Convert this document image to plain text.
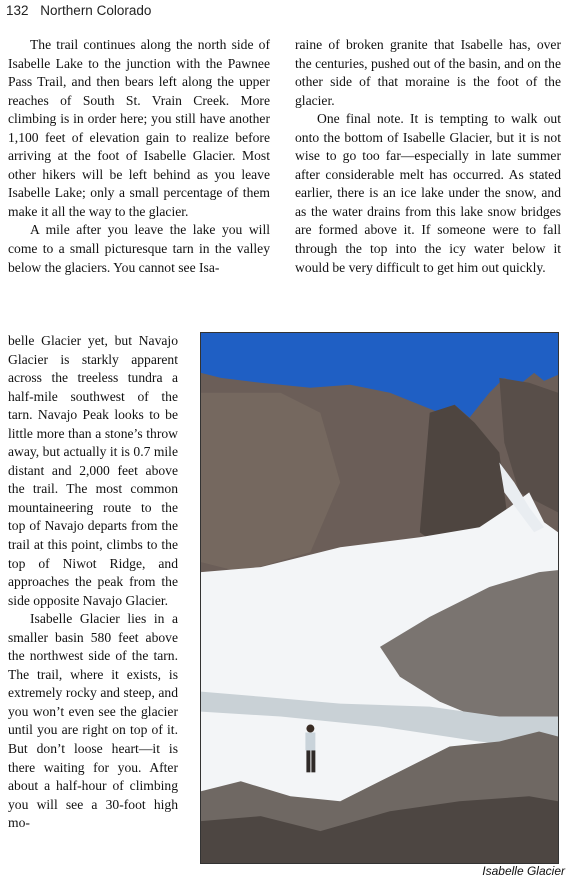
132 Northern Colorado

The trail continues along the north side of Isabelle Lake to the junction with the Pawnee Pass Trail, and then bears left along the upper reaches of South St. Vrain Creek. More climbing is in order here; you still have another 1,100 feet of elevation gain to realize before arriving at the foot of Isabelle Glacier. Most other hikers will be left behind as you leave Isabelle Lake; only a small percentage of them make it all the way to the glacier.

A mile after you leave the lake you will come to a small picturesque tarn in the valley below the glaciers. You cannot see Isa-

belle Glacier yet, but Navajo Glacier is starkly apparent across the treeless tundra a half-mile southwest of the tarn. Navajo Peak looks to be little more than a stone’s throw away, but actually it is 0.7 mile distant and 2,000 feet above the trail. The most common mountaineering route to the top of Navajo departs from the trail at this point, climbs to the top of Niwot Ridge, and approaches the peak from the side opposite Navajo Glacier.

Isabelle Glacier lies in a smaller basin 580 feet above the northwest side of the tarn. The trail, where it exists, is extremely rocky and steep, and you won’t even see the glacier until you are right on top of it. But don’t loose heart—it is there waiting for you. After about a half-hour of climbing you will see a 30-foot high mo-

raine of broken granite that Isabelle has, over the centuries, pushed out of the basin, and on the other side of that moraine is the foot of the glacier.

One final note. It is tempting to walk out onto the bottom of Isabelle Glacier, but it is not wise to go too far—especially in late summer after considerable melt has occurred. As stated earlier, there is an ice lake under the snow, and as the water drains from this lake snow bridges are formed above it. If someone were to fall through the top into the icy water below it would be very difficult to get him out quickly.

Isabelle Glacier
